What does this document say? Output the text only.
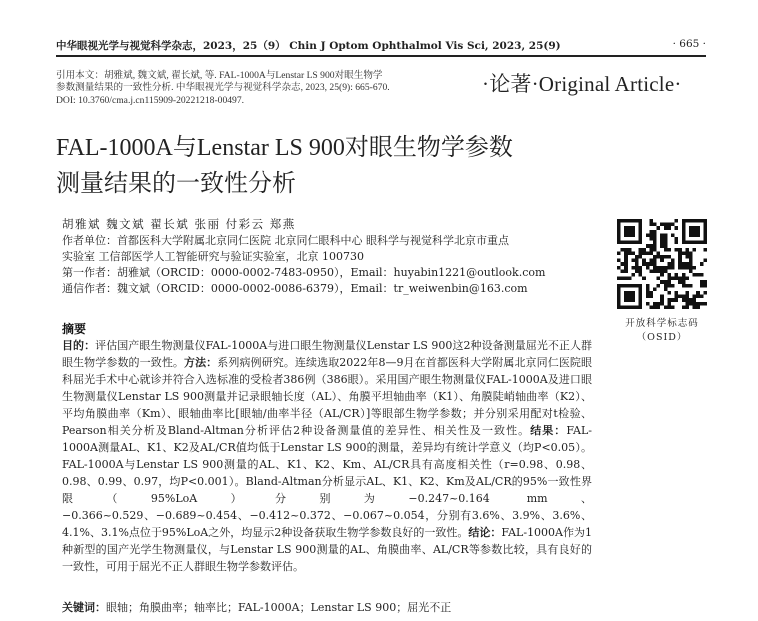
中华眼视光学与视觉科学杂志，2023，25（9） Chin J Optom Ophthalmol Vis Sci, 2023, 25(9)	· 665 ·
引用本文：胡雅斌, 魏文斌, 翟长斌, 等. FAL-1000A与Lenstar LS 900对眼生物学
参数测量结果的一致性分析. 中华眼视光学与视觉科学杂志, 2023, 25(9): 665-670.
DOI: 10.3760/cma.j.cn115909-20221218-00497.
·论著·Original Article·
FAL-1000A与Lenstar LS 900对眼生物学参数
测量结果的一致性分析
胡雅斌 魏文斌 翟长斌 张丽 付彩云 郑燕
作者单位：首都医科大学附属北京同仁医院 北京同仁眼科中心 眼科学与视觉科学北京市重点
实验室 工信部医学人工智能研究与验证实验室，北京 100730
第一作者：胡雅斌（ORCID：0000-0002-7483-0950），Email：huyabin1221@outlook.com
通信作者：魏文斌（ORCID：0000-0002-0086-6379），Email：tr_weiwenbin@163.com
开放科学标志码
（OSID）
摘要
目的：评估国产眼生物测量仪FAL-1000A与进口眼生物测量仪Lenstar LS 900这2种设备测量屈光不正人群眼生物学参数的一致性。方法：系列病例研究。连续选取2022年8—9月在首都医科大学附属北京同仁医院眼科屈光手术中心就诊并符合入选标准的受检者386例（386眼）。采用国产眼生物测量仪FAL-1000A及进口眼生物测量仪Lenstar LS 900测量并记录眼轴长度（AL）、角膜平坦轴曲率（K1）、角膜陡峭轴曲率（K2）、平均角膜曲率（Km）、眼轴曲率比[眼轴/曲率半径（AL/CR）]等眼部生物学参数；并分别采用配对t检验、Pearson相关分析及Bland-Altman分析评估2种设备测量值的差异性、相关性及一致性。结果：FAL-1000A测量AL、K1、K2及AL/CR值均低于Lenstar LS 900的测量，差异均有统计学意义（均P<0.05）。FAL-1000A与Lenstar LS 900测量的AL、K1、K2、Km、AL/CR具有高度相关性（r=0.98、0.98、0.98、0.99、0.97，均P<0.001）。Bland-Altman分析显示AL、K1、K2、Km及AL/CR的95%一致性界限（95%LoA）分别为−0.247~0.164 mm、−0.366~0.529、−0.689~0.454、−0.412~0.372、−0.067~0.054，分别有3.6%、3.9%、3.6%、4.1%、3.1%点位于95%LoA之外，均显示2种设备获取生物学参数良好的一致性。结论：FAL-1000A作为1种新型的国产光学生物测量仪，与Lenstar LS 900测量的AL、角膜曲率、AL/CR等参数比较，具有良好的一致性，可用于屈光不正人群眼生物学参数评估。
关键词：眼轴；角膜曲率；轴率比；FAL-1000A；Lenstar LS 900；屈光不正
